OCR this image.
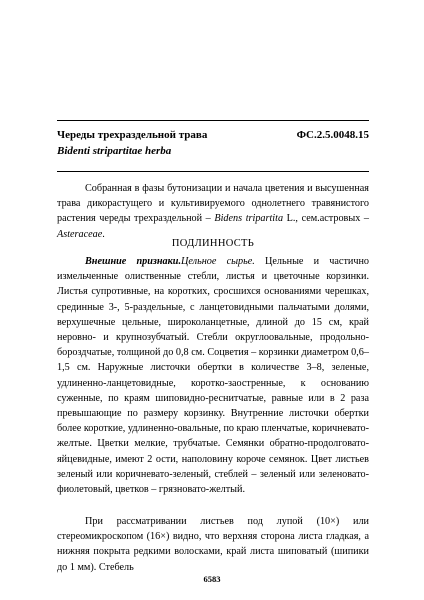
Череды трехраздельной трава	ФС.2.5.0048.15
Bidenti stripartitae herba

Собранная в фазы бутонизации и начала цветения и высушенная трава дикорастущего и культивируемого однолетнего травянистого растения череды трехраздельной – Bidens tripartita L., сем.астровых – Asteraceae.

ПОДЛИННОСТЬ

Внешние признаки.Цельное сырье. Цельные и частично измельченные олиственные стебли, листья и цветочные корзинки. Листья супротивные, на коротких, сросшихся основаниями черешках, срединные 3-, 5-раздельные, с ланцетовидными пальчатыми долями, верхушечные цельные, широколанцетные, длиной до 15 см, край неровно- и крупнозубчатый. Стебли округлоовальные, продольно-бороздчатые, толщиной до 0,8 см. Соцветия – корзинки диаметром 0,6–1,5 см. Наружные листочки обертки в количестве 3–8, зеленые, удлиненно-ланцетовидные, коротко-заостренные, к основанию суженные, по краям шиповидно-реснитчатые, равные или в 2 раза превышающие по размеру корзинку. Внутренние листочки обертки более короткие, удлиненно-овальные, по краю пленчатые, коричневато-желтые. Цветки мелкие, трубчатые. Семянки обратно-продолговато-яйцевидные, имеют 2 ости, наполовину короче семянок. Цвет листьев зеленый или коричневато-зеленый, стеблей – зеленый или зеленовато-фиолетовый, цветков – грязновато-желтый.

При рассматривании листьев под лупой (10×) или стереомикроскопом (16×) видно, что верхняя сторона листа гладкая, а нижняя покрыта редкими волосками, край листа шиповатый (шипики до 1 мм). Стебель

6583
